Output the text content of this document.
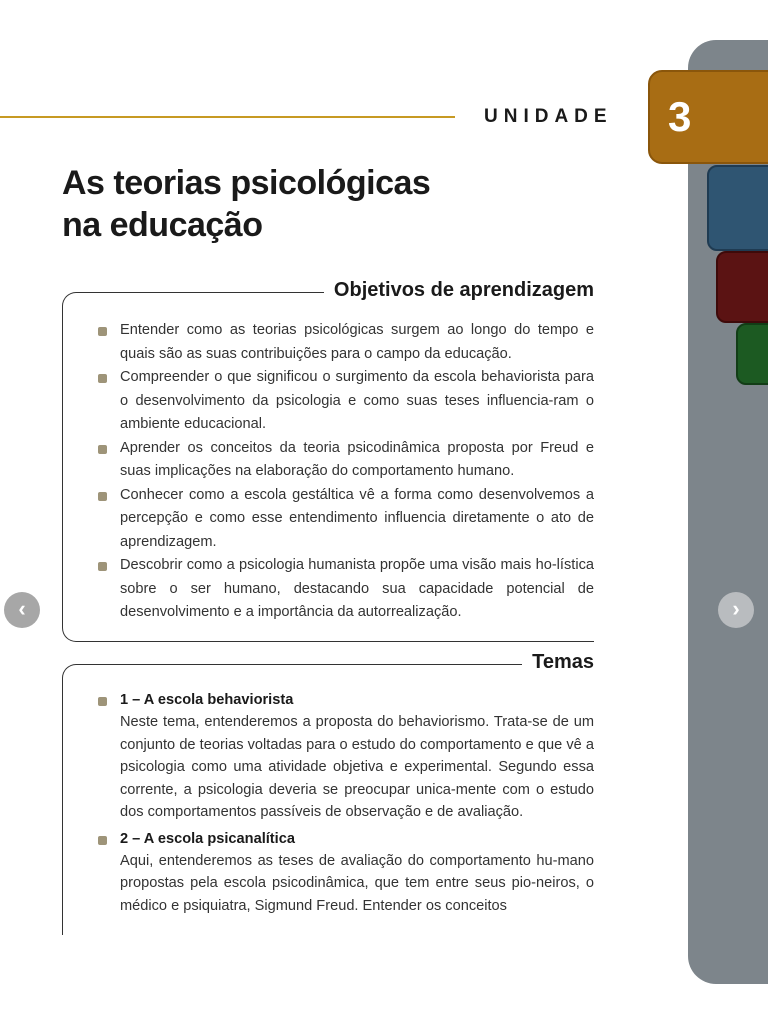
3
UNIDADE
As teorias psicológicas
na educação
Objetivos de aprendizagem
Entender como as teorias psicológicas surgem ao longo do tempo e quais são as suas contribuições para o campo da educação.
Compreender o que significou o surgimento da escola behaviorista para o desenvolvimento da psicologia e como suas teses influencia-ram o ambiente educacional.
Aprender os conceitos da teoria psicodinâmica proposta por Freud e suas implicações na elaboração do comportamento humano.
Conhecer como a escola gestáltica vê a forma como desenvolvemos a percepção e como esse entendimento influencia diretamente o ato de aprendizagem.
Descobrir como a psicologia humanista propõe uma visão mais ho-lística sobre o ser humano, destacando sua capacidade potencial de desenvolvimento e a importância da autorrealização.
Temas
1 – A escola behaviorista
Neste tema, entenderemos a proposta do behaviorismo. Trata-se de um conjunto de teorias voltadas para o estudo do comportamento e que vê a psicologia como uma atividade objetiva e experimental. Segundo essa corrente, a psicologia deveria se preocupar unica-mente com o estudo dos comportamentos passíveis de observação e de avaliação.
2 – A escola psicanalítica
Aqui, entenderemos as teses de avaliação do comportamento hu-mano propostas pela escola psicodinâmica, que tem entre seus pio-neiros, o médico e psiquiatra, Sigmund Freud. Entender os conceitos
‹	›
